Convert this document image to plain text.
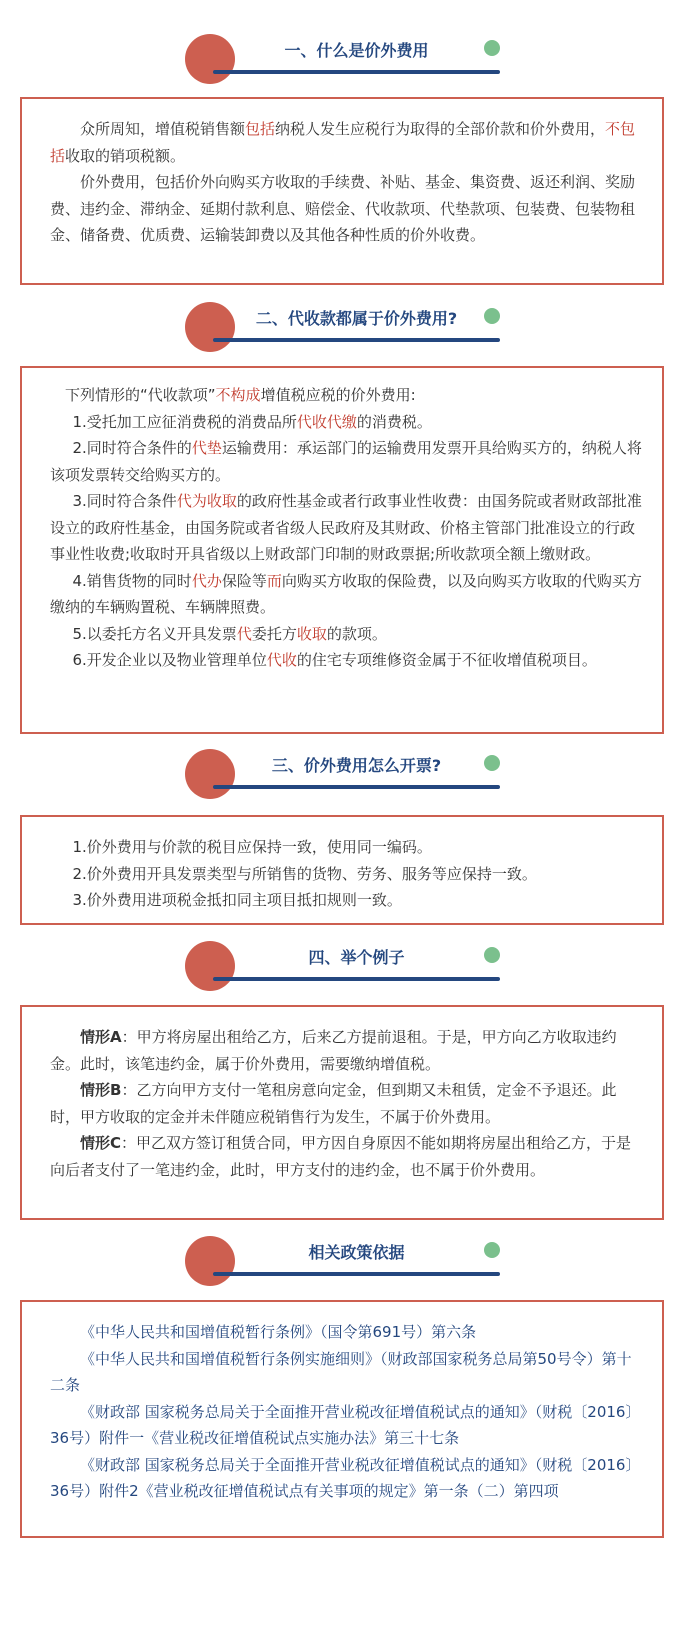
一、什么是价外费用

众所周知，增值税销售额包括纳税人发生应税行为取得的全部价款和价外费用，不包括收取的销项税额。

价外费用，包括价外向购买方收取的手续费、补贴、基金、集资费、返还利润、奖励费、违约金、滞纳金、延期付款利息、赔偿金、代收款项、代垫款项、包装费、包装物租金、储备费、优质费、运输装卸费以及其他各种性质的价外收费。

二、代收款都属于价外费用?

下列情形的“代收款项”不构成增值税应税的价外费用:

1.受托加工应征消费税的消费品所代收代缴的消费税。

2.同时符合条件的代垫运输费用：承运部门的运输费用发票开具给购买方的，纳税人将该项发票转交给购买方的。

3.同时符合条件代为收取的政府性基金或者行政事业性收费：由国务院或者财政部批准设立的政府性基金，由国务院或者省级人民政府及其财政、价格主管部门批准设立的行政事业性收费;收取时开具省级以上财政部门印制的财政票据;所收款项全额上缴财政。

4.销售货物的同时代办保险等而向购买方收取的保险费，以及向购买方收取的代购买方缴纳的车辆购置税、车辆牌照费。

5.以委托方名义开具发票代委托方收取的款项。

6.开发企业以及物业管理单位代收的住宅专项维修资金属于不征收增值税项目。

三、价外费用怎么开票?

1.价外费用与价款的税目应保持一致，使用同一编码。

2.价外费用开具发票类型与所销售的货物、劳务、服务等应保持一致。

3.价外费用进项税金抵扣同主项目抵扣规则一致。

四、举个例子

情形A：甲方将房屋出租给乙方，后来乙方提前退租。于是，甲方向乙方收取违约金。此时，该笔违约金，属于价外费用，需要缴纳增值税。

情形B：乙方向甲方支付一笔租房意向定金，但到期又未租赁，定金不予退还。此时，甲方收取的定金并未伴随应税销售行为发生，不属于价外费用。

情形C：甲乙双方签订租赁合同，甲方因自身原因不能如期将房屋出租给乙方，于是向后者支付了一笔违约金，此时，甲方支付的违约金，也不属于价外费用。

相关政策依据

《中华人民共和国增值税暂行条例》（国令第691号）第六条

《中华人民共和国增值税暂行条例实施细则》（财政部国家税务总局第50号令）第十二条

《财政部 国家税务总局关于全面推开营业税改征增值税试点的通知》（财税〔2016〕36号）附件一《营业税改征增值税试点实施办法》第三十七条

《财政部 国家税务总局关于全面推开营业税改征增值税试点的通知》（财税〔2016〕36号）附件2《营业税改征增值税试点有关事项的规定》第一条（二）第四项
